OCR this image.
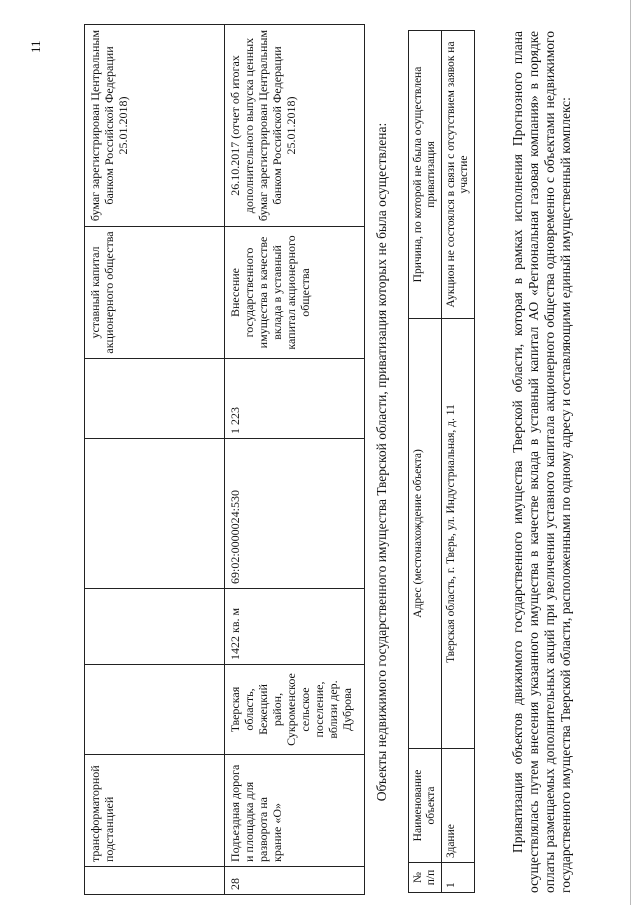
11
	трансформаторной подстанцией					уставный капитал акционерного общества	бумаг зарегистрирован Центральным банком Российской Федерации 25.01.2018)
28	Подъездная дорога и площадка для разворота на крание «О»	Тверская область, Бежецкий район, Сукроменское сельское поселение, вблизи дер. Дуброва	1422 кв. м	69:02:0000024:530	1 223	Внесение государственного имущества в качестве вклада в уставный капитал акционерного общества	26.10.2017 (отчет об итогах дополнительного выпуска ценных бумаг зарегистрирован Центральным банком Российской Федерации 25.01.2018)	Объекты недвижимого государственного имущества Тверской области, приватизация которых не была осуществлена:
№ п/п	Наименование объекта	Адрес (местонахождение объекта)	Причина, по которой не была осуществлена приватизация
1	Здание	Тверская область, г. Тверь, ул. Индустриальная, д. 11	Аукцион не состоялся в связи с отсутствием заявок на участие	Приватизация объектов движимого государственного имущества Тверской области, которая в рамках исполнения Прогнозного плана осуществлялась путем внесения указанного имущества в качестве вклада в уставный капитал АО «Региональная газовая компания» в порядке оплаты размещаемых дополнительных акций при увеличении уставного капитала акционерного общества одновременно с объектами недвижимого государственного имущества Тверской области, расположенными по одному адресу и составляющими единый имущественный комплекс:
